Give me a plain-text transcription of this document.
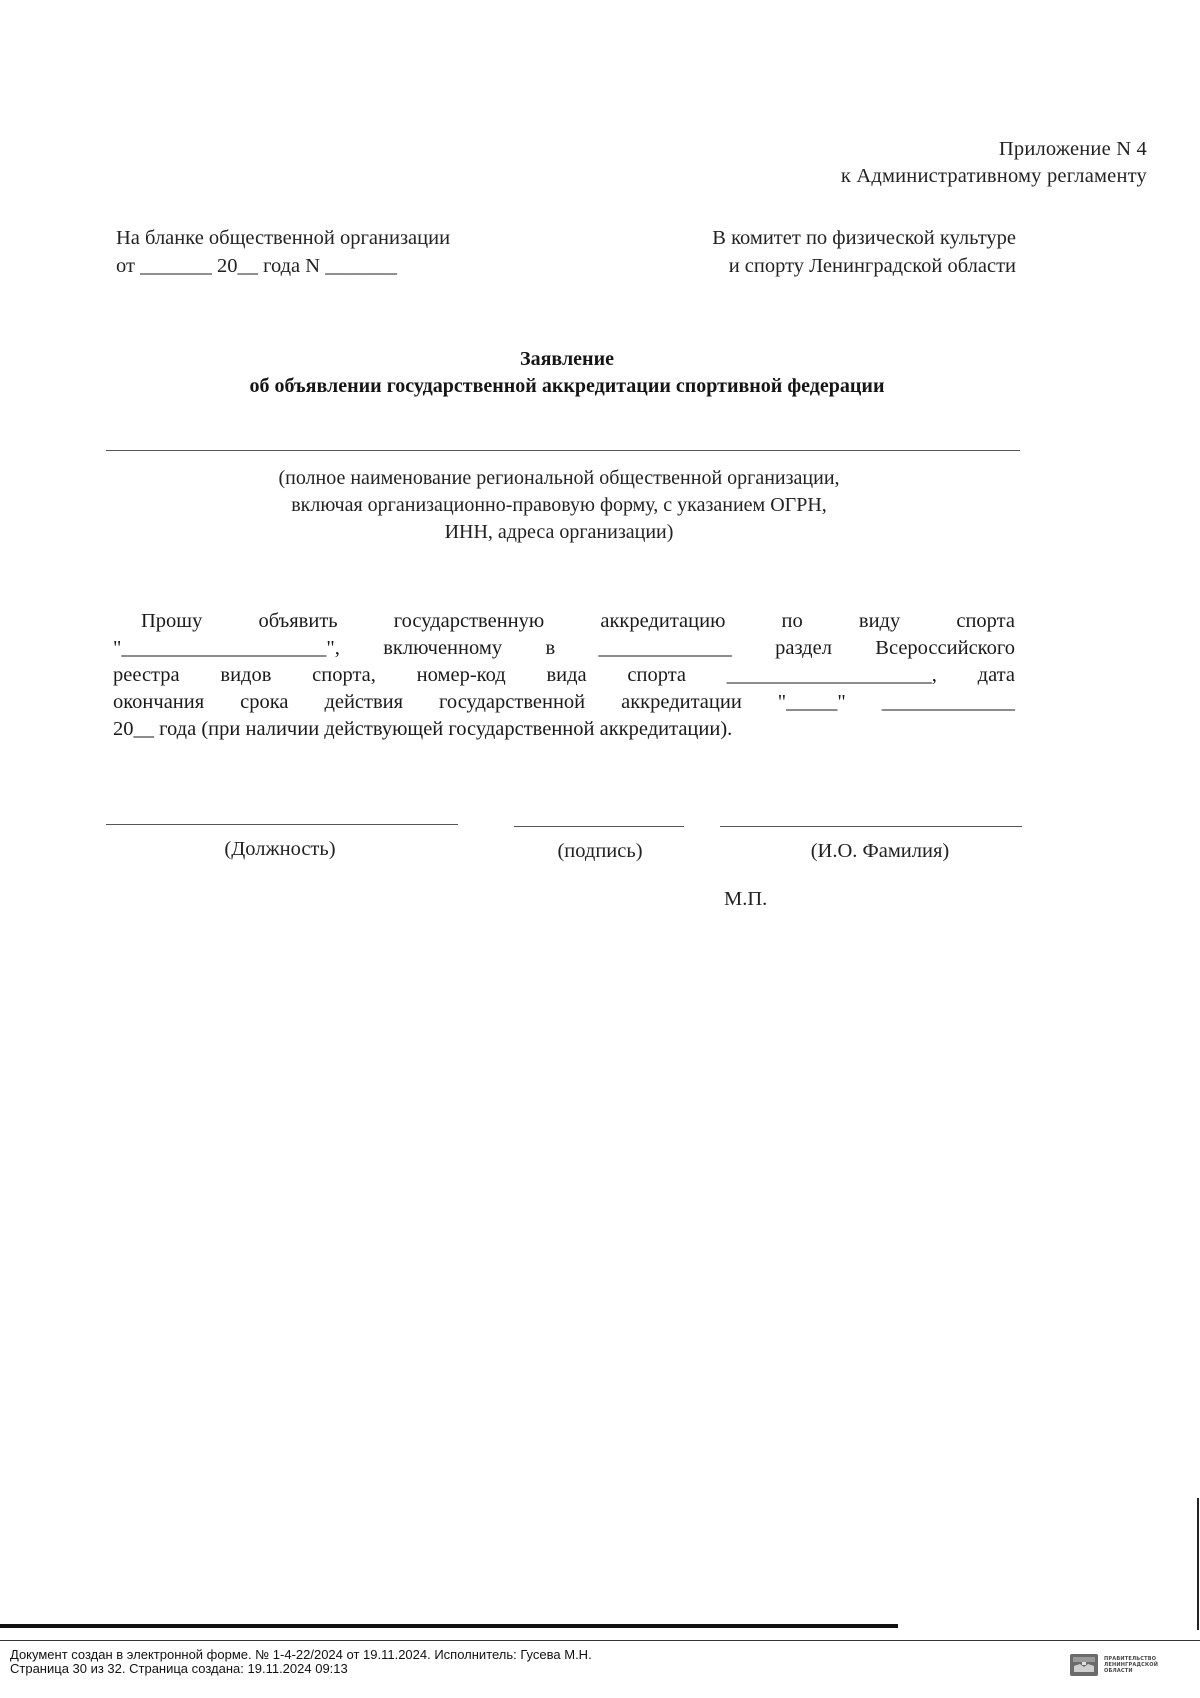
Приложение N 4
к Административному регламенту
На бланке общественной организации
от _______ 20__ года N _______
В комитет по физической культуре
и спорту Ленинградской области
Заявление
об объявлении государственной аккредитации спортивной федерации
(полное наименование региональной общественной организации,
включая организационно-правовую форму, с указанием ОГРН,
ИНН, адреса организации)
Прошу	объявить	государственную	аккредитацию	по	виду	спорта
"____________________", включенному в _____________ раздел Всероссийского
реестра видов спорта, номер-код вида спорта ____________________, дата
окончания срока действия государственной аккредитации "_____" _____________
20__ года (при наличии действующей государственной аккредитации).
(Должность)	(подпись)	(И.О. Фамилия)
М.П.
Документ создан в электронной форме. № 1-4-22/2024 от 19.11.2024. Исполнитель: Гусева М.Н.
Страница 30 из 32. Страница создана: 19.11.2024 09:13
ПРАВИТЕЛЬСТВО
ЛЕНИНГРАДСКОЙ
ОБЛАСТИ
